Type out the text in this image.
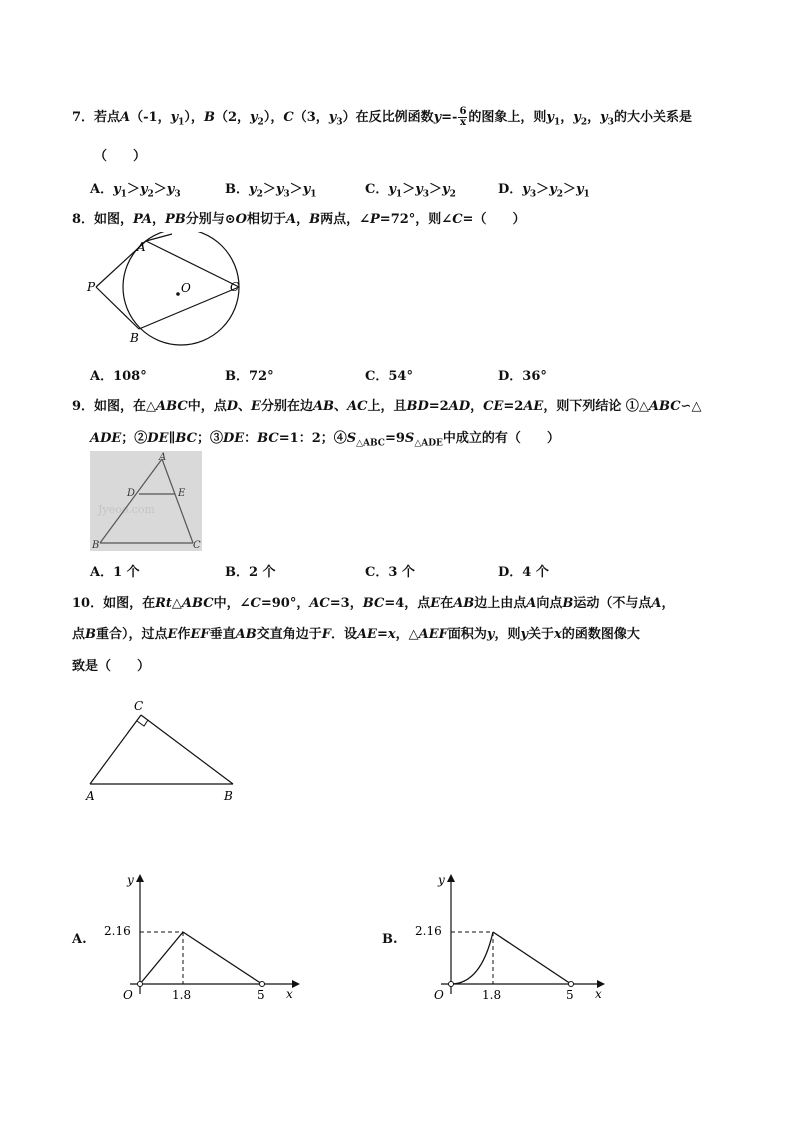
7．若点A（-1，$y_1$），B（2，$y_2$），C（3，$y_3$）在反比例函数$y=- \frac{6}{x}$ 的图象上，则$y_1$，$y_2$，$y_3$的大小关系是
（　　）
A．$y_1>y_2>y_3$	B．$y_2>y_3>y_1$	C．$y_1>y_3>y_2$	D．$y_3>y_2>y_1$
8．如图，PA，PB分别与⊙O相切于A，B两点，∠P=72°，则∠C=（　　）
A
P	O	C
B
A．108°	B．72°	C．54°	D．36°
9．如图，在△ABC中，点D、E分别在边AB、AC上，且BD=2AD，CE=2AE，则下列结论 ①△ABC∽△
ADE；②DE∥BC；③DE：BC=1：2；$④S_{\triangle ABC}=9S_{\triangle ADE}$中成立的有（　　）
Jyeoo.com
A
D	E
B	C
A．1 个	B．2 个	C．3 个	D．4 个
10．如图，在Rt△ABC中，∠C=90°，AC=3，BC=4，点E在AB边上由点A向点B运动（不与点A，
点B重合），过点E作EF垂直AB交直角边于F．设AE=x，△AEF面积为y，则y关于x的函数图像大
致是（　　）
C
A	B
A.
y
x
O
2.16
1.8	5
B.
y
x
O
2.16
1.8	5
